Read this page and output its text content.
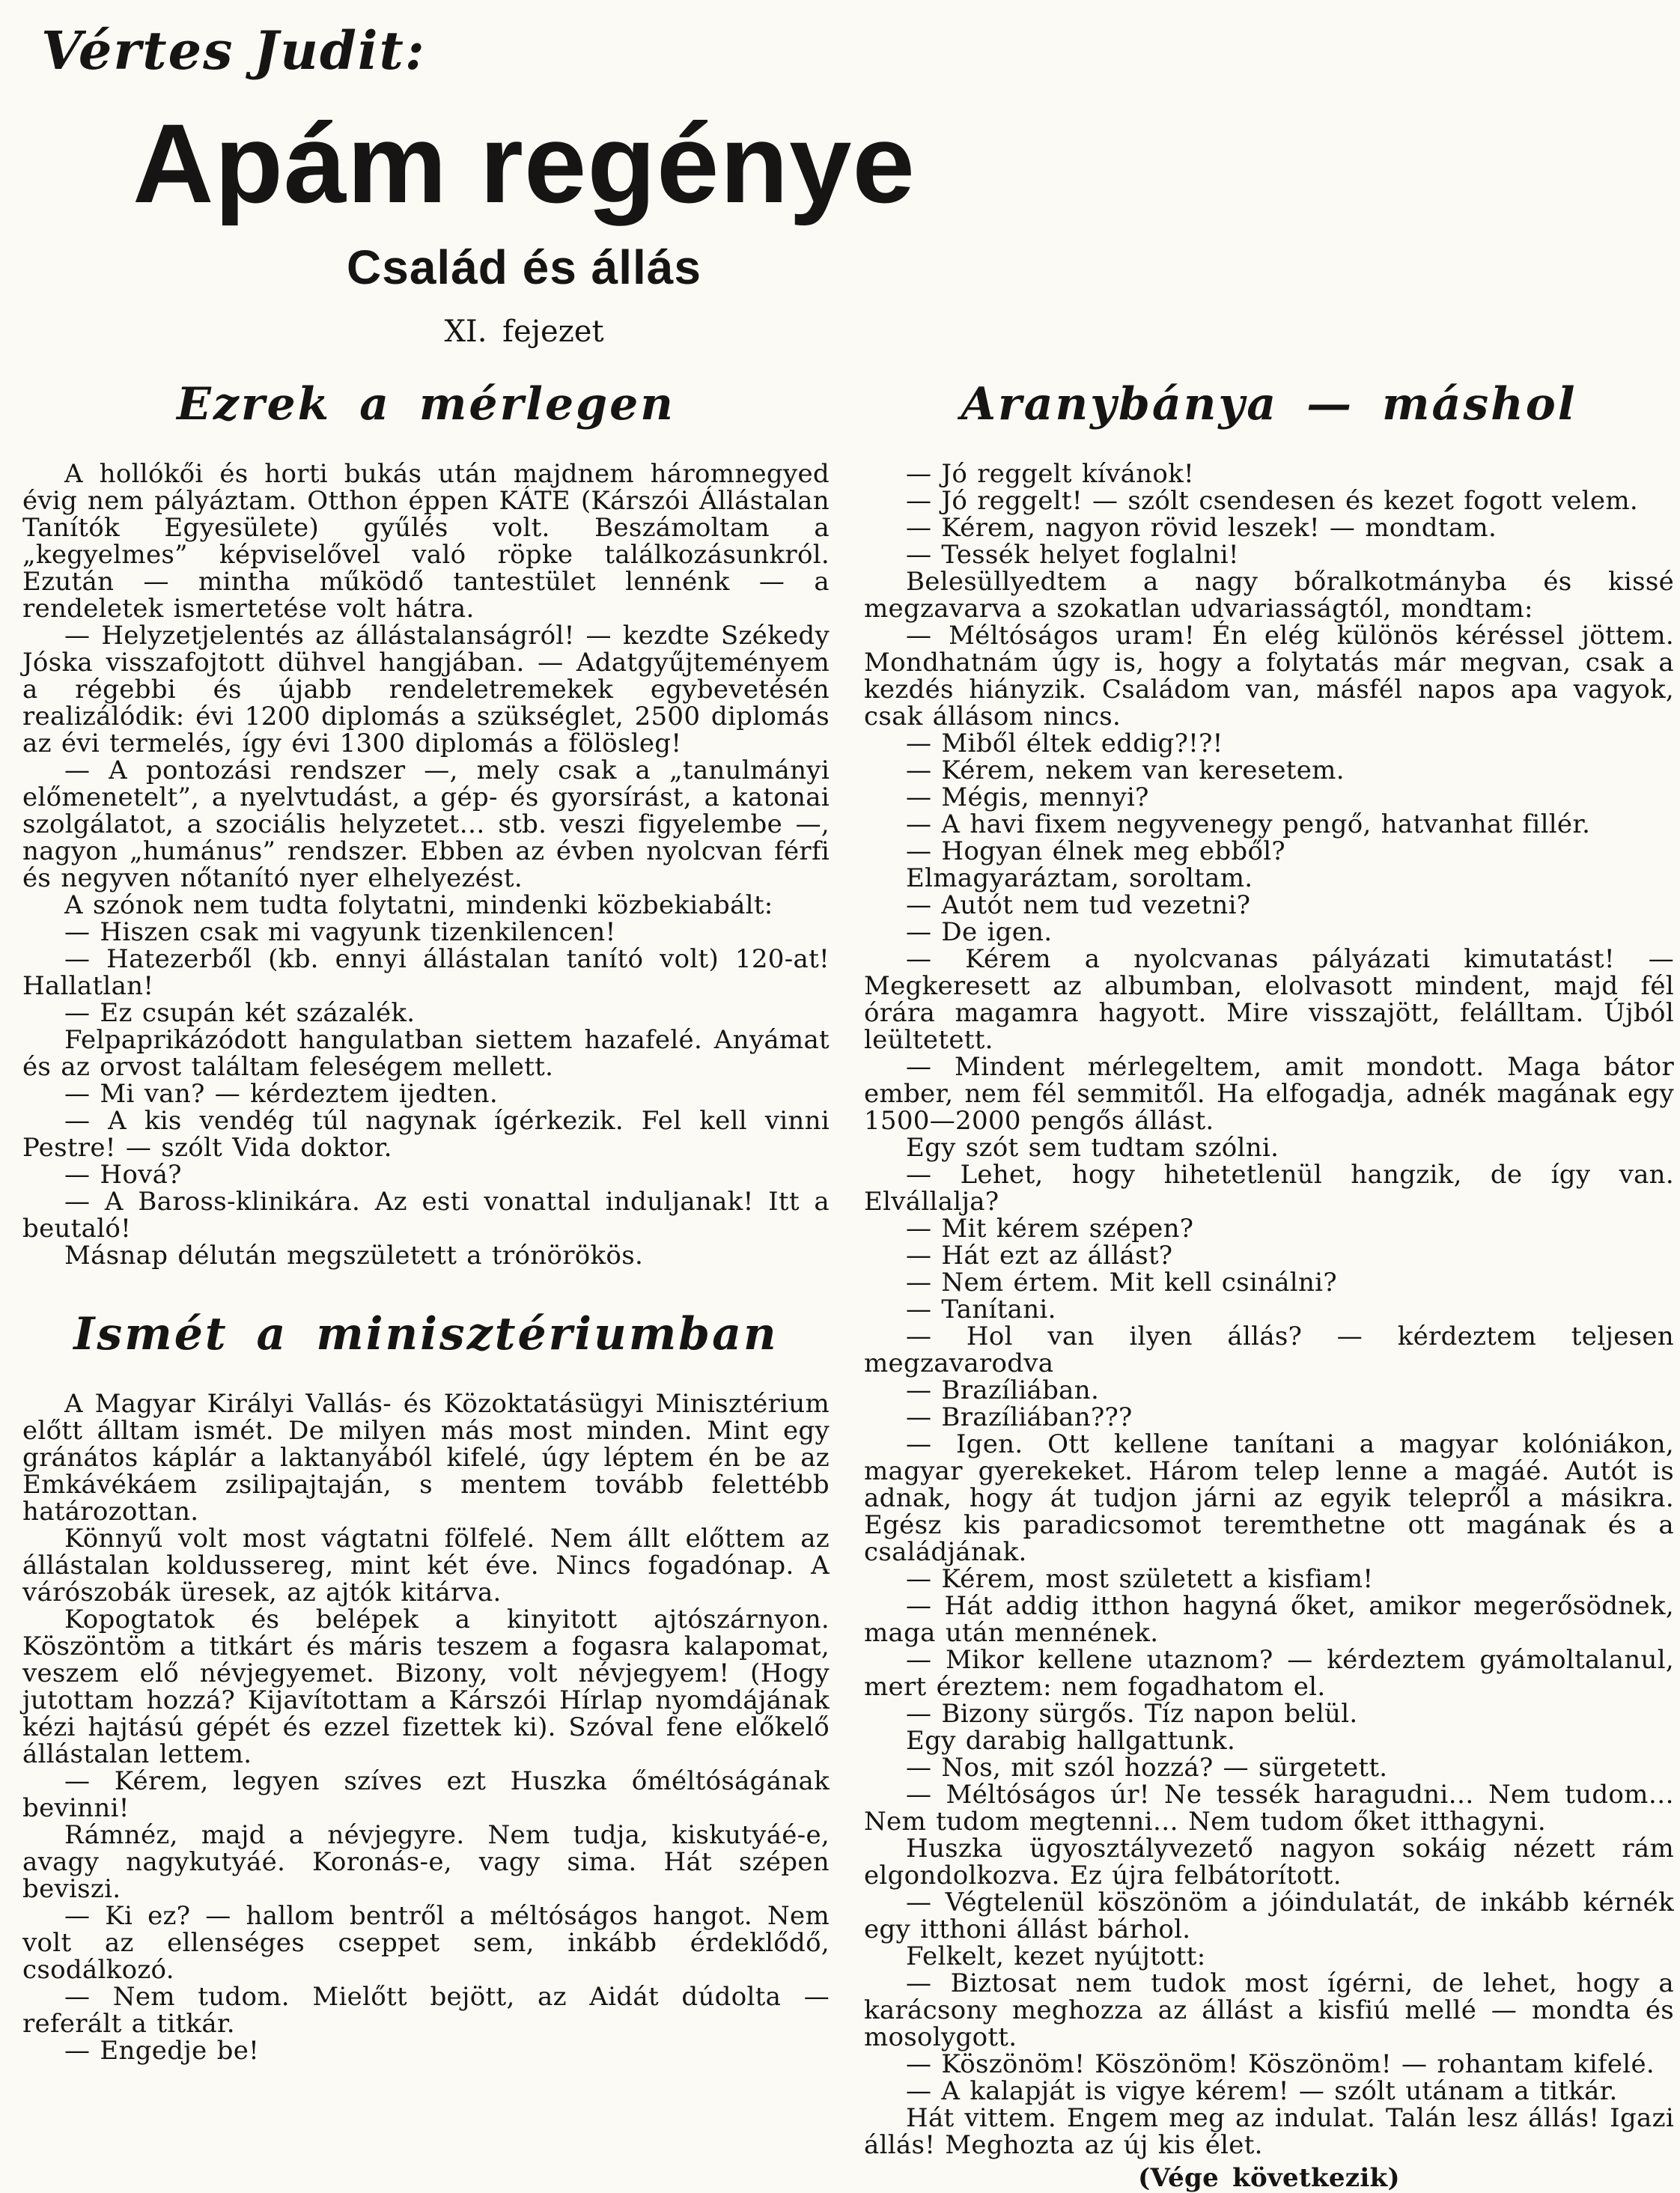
Vértes Judit:
Apám regénye
Család és állás
XI. fejezet
Ezrek a mérlegen

A hollókői és horti bukás után majdnem háromnegyed évig nem pályáztam. Otthon éppen KÁTE (Kárszói Állástalan Tanítók Egyesülete) gyűlés volt. Beszámoltam a „kegyelmes” képviselővel való röpke találkozásunkról. Ezután — mintha működő tantestület lennénk — a rendeletek ismertetése volt hátra.

— Helyzetjelentés az állástalanságról! — kezdte Székedy Jóska visszafojtott dühvel hangjában. — Adatgyűjteményem a régebbi és újabb rendeletremekek egybevetésén realizálódik: évi 1200 diplomás a szükséglet, 2500 diplomás az évi termelés, így évi 1300 diplomás a fölösleg!

— A pontozási rendszer —, mely csak a „tanulmányi előmenetelt”, a nyelvtudást, a gép- és gyorsírást, a katonai szolgálatot, a szociális helyzetet… stb. veszi figyelembe —, nagyon „humánus” rendszer. Ebben az évben nyolcvan férfi és negyven nőtanító nyer elhelyezést.

A szónok nem tudta folytatni, mindenki közbekiabált:

— Hiszen csak mi vagyunk tizenkilencen!

— Hatezerből (kb. ennyi állástalan tanító volt) 120-at! Hallatlan!

— Ez csupán két százalék.

Felpaprikázódott hangulatban siettem hazafelé. Anyámat és az orvost találtam feleségem mellett.

— Mi van? — kérdeztem ijedten.

— A kis vendég túl nagynak ígérkezik. Fel kell vinni Pestre! — szólt Vida doktor.

— Hová?

— A Baross-klinikára. Az esti vonattal induljanak! Itt a beutaló!

Másnap délután megszületett a trónörökös.

Ismét a minisztériumban

A Magyar Királyi Vallás- és Közoktatásügyi Minisztérium előtt álltam ismét. De milyen más most minden. Mint egy gránátos káplár a laktanyából kifelé, úgy léptem én be az Emkávékáem zsilipajtaján, s mentem tovább felettébb határozottan.

Könnyű volt most vágtatni fölfelé. Nem állt előttem az állástalan koldussereg, mint két éve. Nincs fogadónap. A várószobák üresek, az ajtók kitárva.

Kopogtatok és belépek a kinyitott ajtószárnyon. Köszöntöm a titkárt és máris teszem a fogasra kalapomat, veszem elő névjegyemet. Bizony, volt névjegyem! (Hogy jutottam hozzá? Kijavítottam a Kárszói Hírlap nyomdájának kézi hajtású gépét és ezzel fizettek ki). Szóval fene előkelő állástalan lettem.

— Kérem, legyen szíves ezt Huszka őméltóságának bevinni!

Rámnéz, majd a névjegyre. Nem tudja, kiskutyáé-e, avagy nagykutyáé. Koronás-e, vagy sima. Hát szépen beviszi.

— Ki ez? — hallom bentről a méltóságos hangot. Nem volt az ellenséges cseppet sem, inkább érdeklődő, csodálkozó.

— Nem tudom. Mielőtt bejött, az Aidát dúdolta — referált a titkár.

— Engedje be!

Aranybánya — máshol

— Jó reggelt kívánok!

— Jó reggelt! — szólt csendesen és kezet fogott velem.

— Kérem, nagyon rövid leszek! — mondtam.

— Tessék helyet foglalni!

Belesüllyedtem a nagy bőralkotmányba és kissé megzavarva a szokatlan udvariasságtól, mondtam:

— Méltóságos uram! Én elég különös kéréssel jöttem. Mondhatnám úgy is, hogy a folytatás már megvan, csak a kezdés hiányzik. Családom van, másfél napos apa vagyok, csak állásom nincs.

— Miből éltek eddig?!?!

— Kérem, nekem van keresetem.

— Mégis, mennyi?

— A havi fixem negyvenegy pengő, hatvanhat fillér.

— Hogyan élnek meg ebből?

Elmagyaráztam, soroltam.

— Autót nem tud vezetni?

— De igen.

— Kérem a nyolcvanas pályázati kimutatást! — Megkeresett az albumban, elolvasott mindent, majd fél órára magamra hagyott. Mire visszajött, felálltam. Újból leültetett.

— Mindent mérlegeltem, amit mondott. Maga bátor ember, nem fél semmitől. Ha elfogadja, adnék magának egy 1500—2000 pengős állást.

Egy szót sem tudtam szólni.

— Lehet, hogy hihetetlenül hangzik, de így van. Elvállalja?

— Mit kérem szépen?

— Hát ezt az állást?

— Nem értem. Mit kell csinálni?

— Tanítani.

— Hol van ilyen állás? — kérdeztem teljesen megzavarodva

— Brazíliában.

— Brazíliában???

— Igen. Ott kellene tanítani a magyar kolóniákon, magyar gyerekeket. Három telep lenne a magáé. Autót is adnak, hogy át tudjon járni az egyik telepről a másikra. Egész kis paradicsomot teremthetne ott magának és a családjának.

— Kérem, most született a kisfiam!

— Hát addig itthon hagyná őket, amikor megerősödnek, maga után mennének.

— Mikor kellene utaznom? — kérdeztem gyámoltalanul, mert éreztem: nem fogadhatom el.

— Bizony sürgős. Tíz napon belül.

Egy darabig hallgattunk.

— Nos, mit szól hozzá? — sürgetett.

— Méltóságos úr! Ne tessék haragudni… Nem tudom… Nem tudom megtenni… Nem tudom őket itthagyni.

Huszka ügyosztályvezető nagyon sokáig nézett rám elgondolkozva. Ez újra felbátorított.

— Végtelenül köszönöm a jóindulatát, de inkább kérnék egy itthoni állást bárhol.

Felkelt, kezet nyújtott:

— Biztosat nem tudok most ígérni, de lehet, hogy a karácsony meghozza az állást a kisfiú mellé — mondta és mosolygott.

— Köszönöm! Köszönöm! Köszönöm! — rohantam kifelé.

— A kalapját is vigye kérem! — szólt utánam a titkár.

Hát vittem. Engem meg az indulat. Talán lesz állás! Igazi állás! Meghozta az új kis élet.

(Vége következik)
